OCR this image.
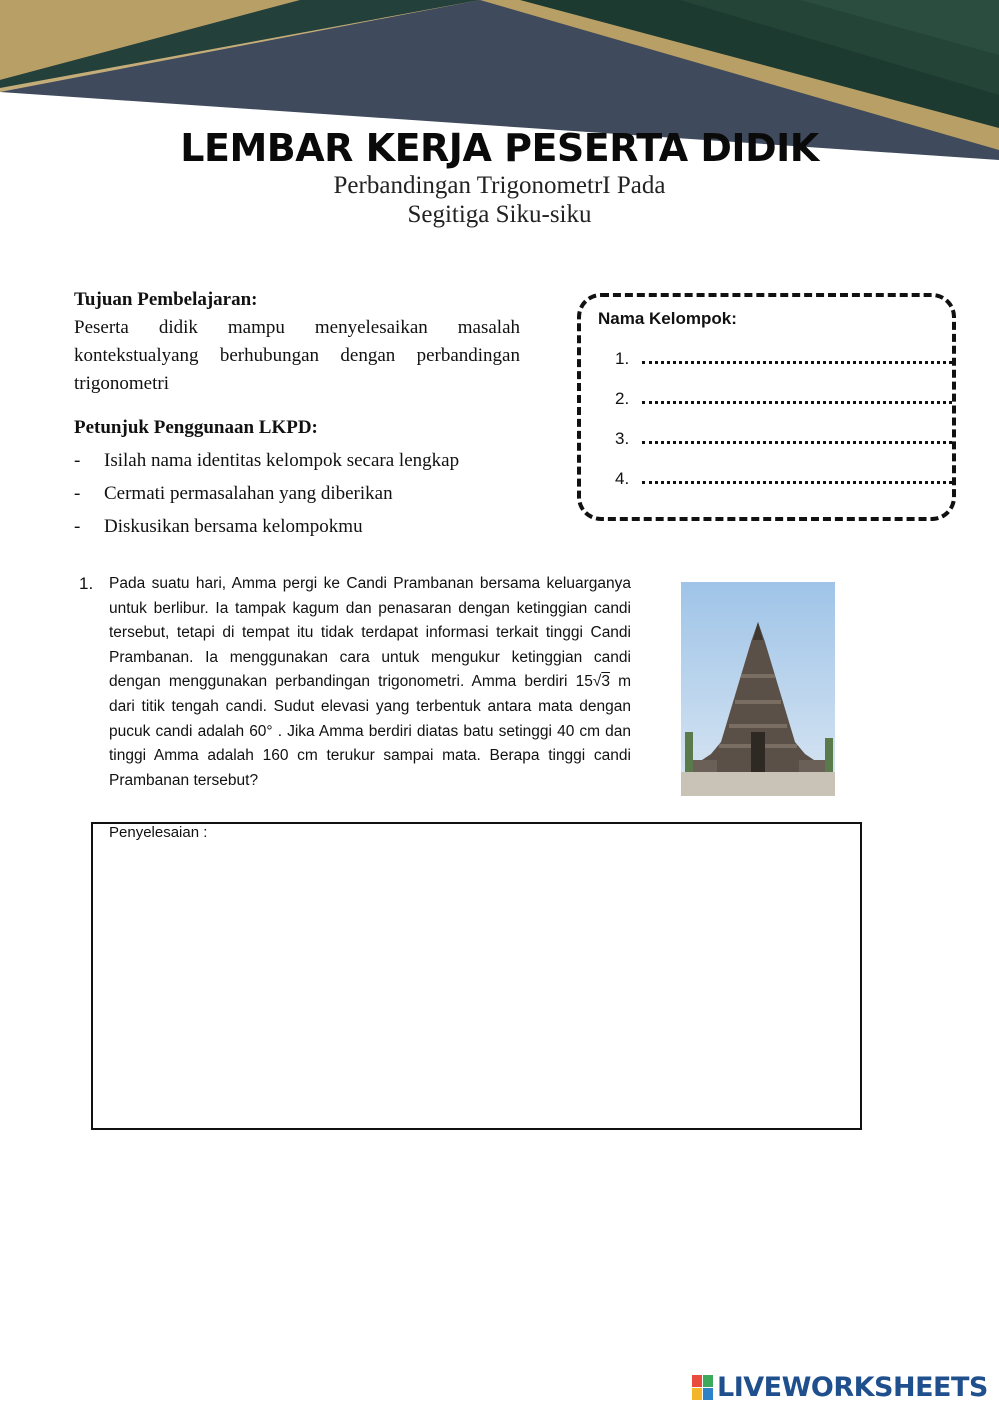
LEMBAR KERJA PESERTA DIDIK
Perbandingan TrigonometrI Pada
Segitiga Siku-siku

Tujuan Pembelajaran:

Peserta didik mampu menyelesaikan masalah kontekstualyang berhubungan dengan perbandingan trigonometri

Petunjuk Penggunaan LKPD:

-	Isilah nama identitas kelompok secara lengkap
-	Cermati permasalahan yang diberikan
-	Diskusikan bersama kelompokmu
Nama Kelompok:
1.
2.
3.
4.
1. Pada suatu hari, Amma pergi ke Candi Prambanan bersama keluarganya untuk berlibur. Ia tampak kagum dan penasaran dengan ketinggian candi tersebut, tetapi di tempat itu tidak terdapat informasi terkait tinggi Candi Prambanan. Ia menggunakan cara untuk mengukur ketinggian candi dengan menggunakan perbandingan trigonometri. Amma berdiri 15√3 m dari titik tengah candi. Sudut elevasi yang terbentuk antara mata dengan pucuk candi adalah 60° . Jika Amma berdiri diatas batu setinggi 40 cm dan tinggi Amma adalah 160 cm terukur sampai mata. Berapa tinggi candi Prambanan tersebut?

Penyelesaian :
LIVEWORKSHEETS
